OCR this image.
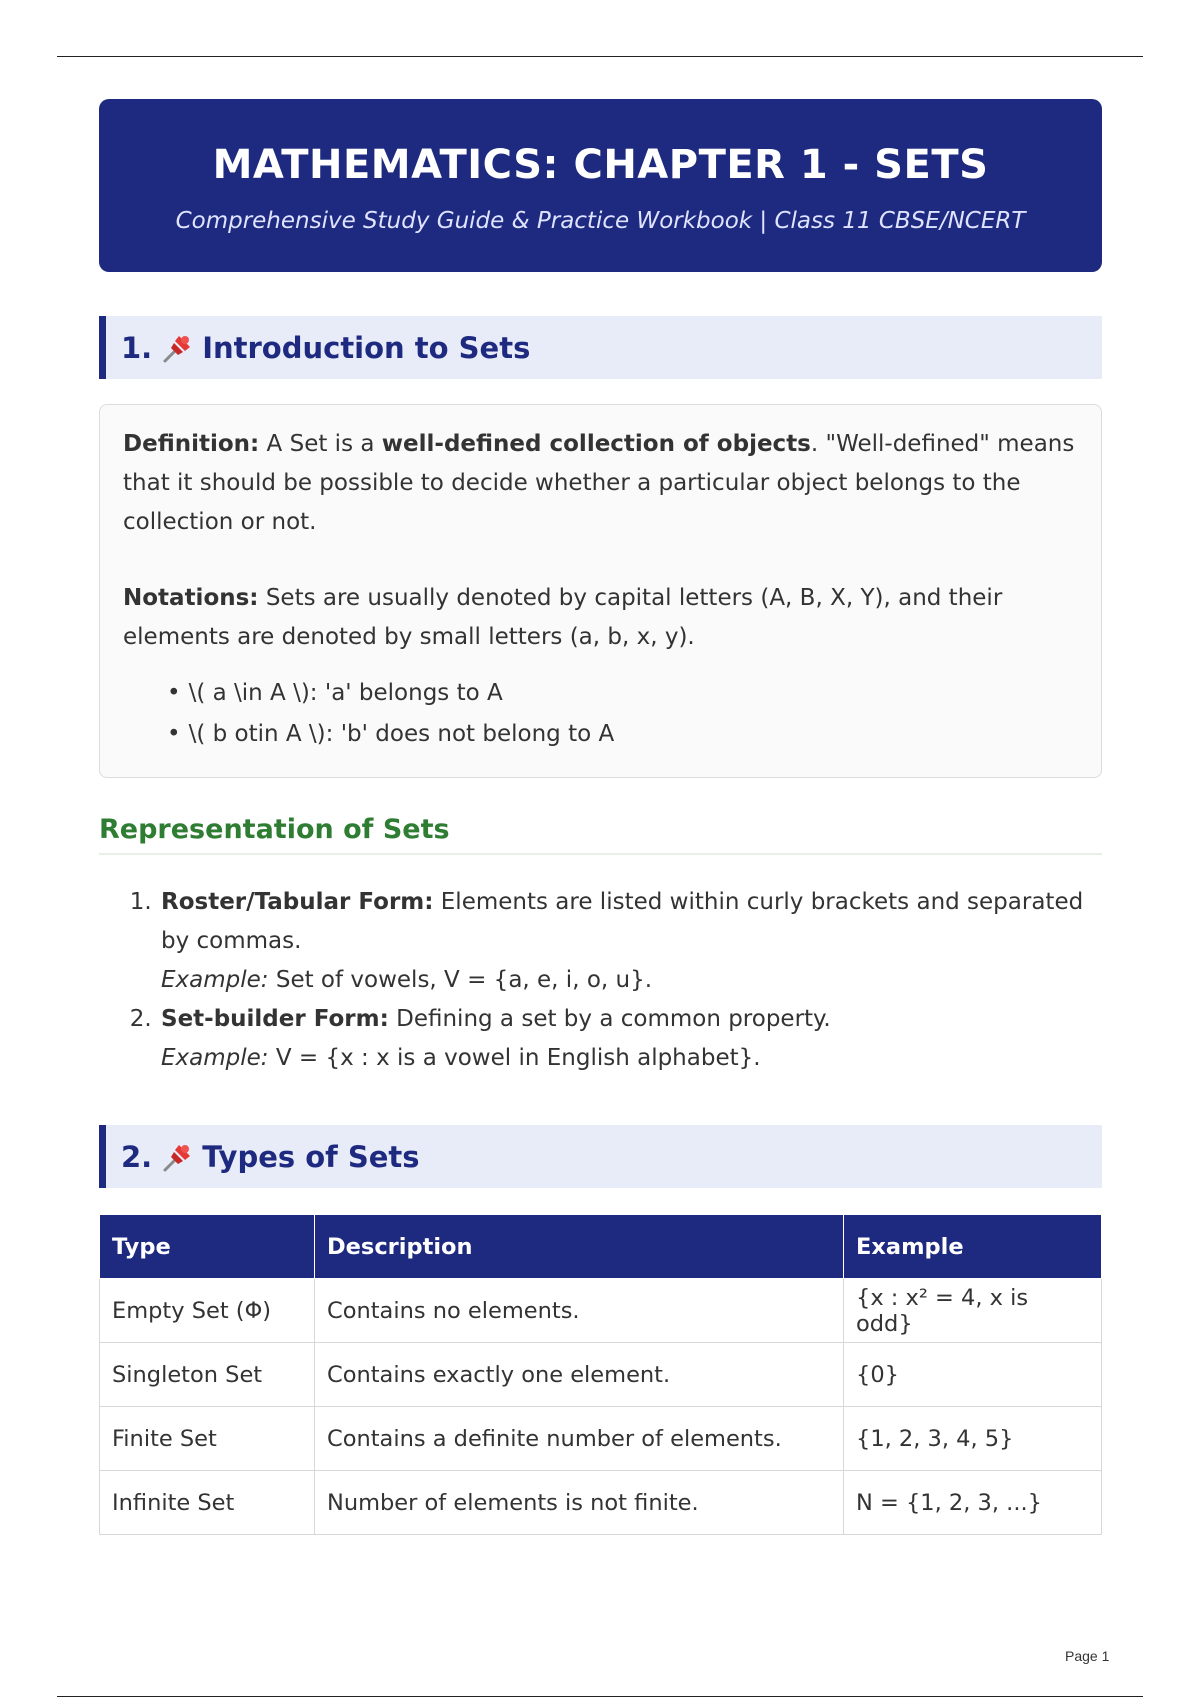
MATHEMATICS: CHAPTER 1 - SETS
Comprehensive Study Guide & Practice Workbook | Class 11 CBSE/NCERT
1. Introduction to Sets

Definition: A Set is a well-defined collection of objects. "Well-defined" means that it should be possible to decide whether a particular object belongs to the collection or not.

Notations: Sets are usually denoted by capital letters (A, B, X, Y), and their elements are denoted by small letters (a, b, x, y).

• \( a \in A \): 'a' belongs to A
• \( b otin A \): 'b' does not belong to A
Representation of Sets
1. Roster/Tabular Form: Elements are listed within curly brackets and separated by commas.
Example: Set of vowels, V = {a, e, i, o, u}.
2. Set-builder Form: Defining a set by a common property.
Example: V = {x : x is a vowel in English alphabet}.
2. Types of Sets
Type	Description	Example
Empty Set (Φ)	Contains no elements.	{x : x² = 4, x is odd}
Singleton Set	Contains exactly one element.	{0}
Finite Set	Contains a definite number of elements.	{1, 2, 3, 4, 5}
Infinite Set	Number of elements is not finite.	N = {1, 2, 3, ...}
Page 1
